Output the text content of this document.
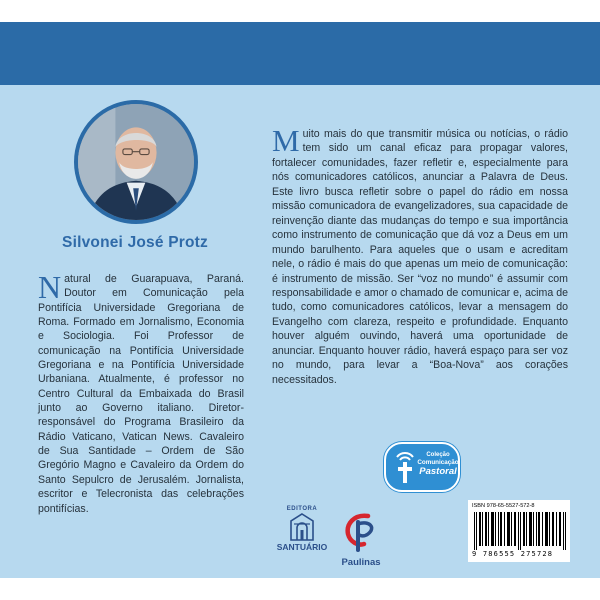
Silvonei José Protz
N atural de Guarapuava, Paraná. Doutor em Comunicação pela Pontifícia Universidade Gregoriana de Roma. Formado em Jornalismo, Economia e Sociologia. Foi Professor de comunicação na Pontifícia Universidade Gregoriana e na Pontifícia Universidade Urbaniana. Atualmente, é professor no Centro Cultural da Embaixada do Brasil junto ao Governo italiano. Diretor-responsável do Programa Brasileiro da Rádio Vaticano, Vatican News. Cavaleiro de Sua Santidade – Ordem de São Gregório Magno e Cavaleiro da Ordem do Santo Sepulcro de Jerusalém. Jornalista, escritor e Telecronista das celebrações pontifícias.
M uito mais do que transmitir música ou notícias, o rádio tem sido um canal eficaz para propagar valores, fortalecer comunidades, fazer refletir e, especialmente para nós comunicadores católicos, anunciar a Palavra de Deus. Este livro busca refletir sobre o papel do rádio em nossa missão comunicadora de evangelizadores, sua capacidade de reinvenção diante das mudanças do tempo e sua importância como instrumento de comunicação que dá voz a Deus em um mundo barulhento. Para aqueles que o usam e acreditam nele, o rádio é mais do que apenas um meio de comunicação: é instrumento de missão. Ser “voz no mundo” é assumir com responsabilidade e amor o chamado de comunicar e, acima de tudo, como comunicadores católicos, levar a mensagem do Evangelho com clareza, respeito e profundidade. Enquanto houver alguém ouvindo, haverá uma oportunidade de anunciar. Enquanto houver rádio, haverá espaço para ser voz no mundo, para levar a “Boa-Nova” aos corações necessitados.
Coleção
Comunicação
Pastoral
EDITORA
SANTUÁRIO
Paulinas
ISBN 978-65-5527-572-8
9 786555 275728
